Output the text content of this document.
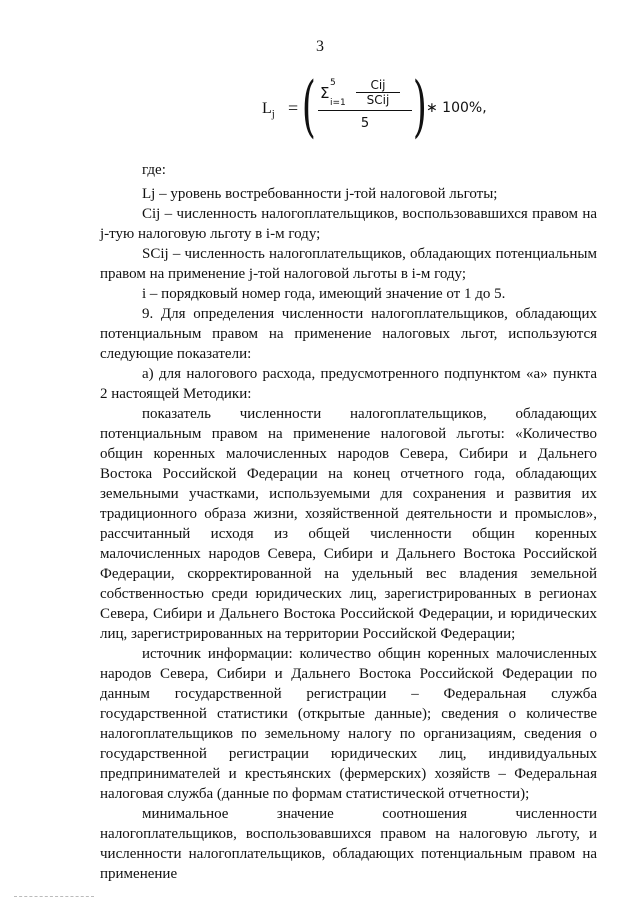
3
$L_j$ = ( Σ
5
i=1
Cij
SCij
5 ) ∗ 100%,

где:

Lj – уровень востребованности j-той налоговой льготы;

Cij – численность налогоплательщиков, воспользовавшихся правом на j-тую налоговую льготу в i-м году;

SCij – численность налогоплательщиков, обладающих потенциальным правом на применение j-той налоговой льготы в i-м году;

i – порядковый номер года, имеющий значение от 1 до 5.

9. Для определения численности налогоплательщиков, обладающих потенциальным правом на применение налоговых льгот, используются следующие показатели:

а) для налогового расхода, предусмотренного подпунктом «а» пункта 2 настоящей Методики:

показатель численности налогоплательщиков, обладающих потенциальным правом на применение налоговой льготы: «Количество общин коренных малочисленных народов Севера, Сибири и Дальнего Востока Российской Федерации на конец отчетного года, обладающих земельными участками, используемыми для сохранения и развития их традиционного образа жизни, хозяйственной деятельности и промыслов», рассчитанный исходя из общей численности общин коренных малочисленных народов Севера, Сибири и Дальнего Востока Российской Федерации, скорректированной на удельный вес владения земельной собственностью среди юридических лиц, зарегистрированных в регионах Севера, Сибири и Дальнего Востока Российской Федерации, и юридических лиц, зарегистрированных на территории Российской Федерации;

источник информации: количество общин коренных малочисленных народов Севера, Сибири и Дальнего Востока Российской Федерации по данным государственной регистрации – Федеральная служба государственной статистики (открытые данные); сведения о количестве налогоплательщиков по земельному налогу по организациям, сведения о государственной регистрации юридических лиц, индивидуальных предпринимателей и крестьянских (фермерских) хозяйств – Федеральная налоговая служба (данные по формам статистической отчетности);

минимальное значение соотношения численности налогоплательщиков, воспользовавшихся правом на налоговую льготу, и численности налогоплательщиков, обладающих потенциальным правом на применение
